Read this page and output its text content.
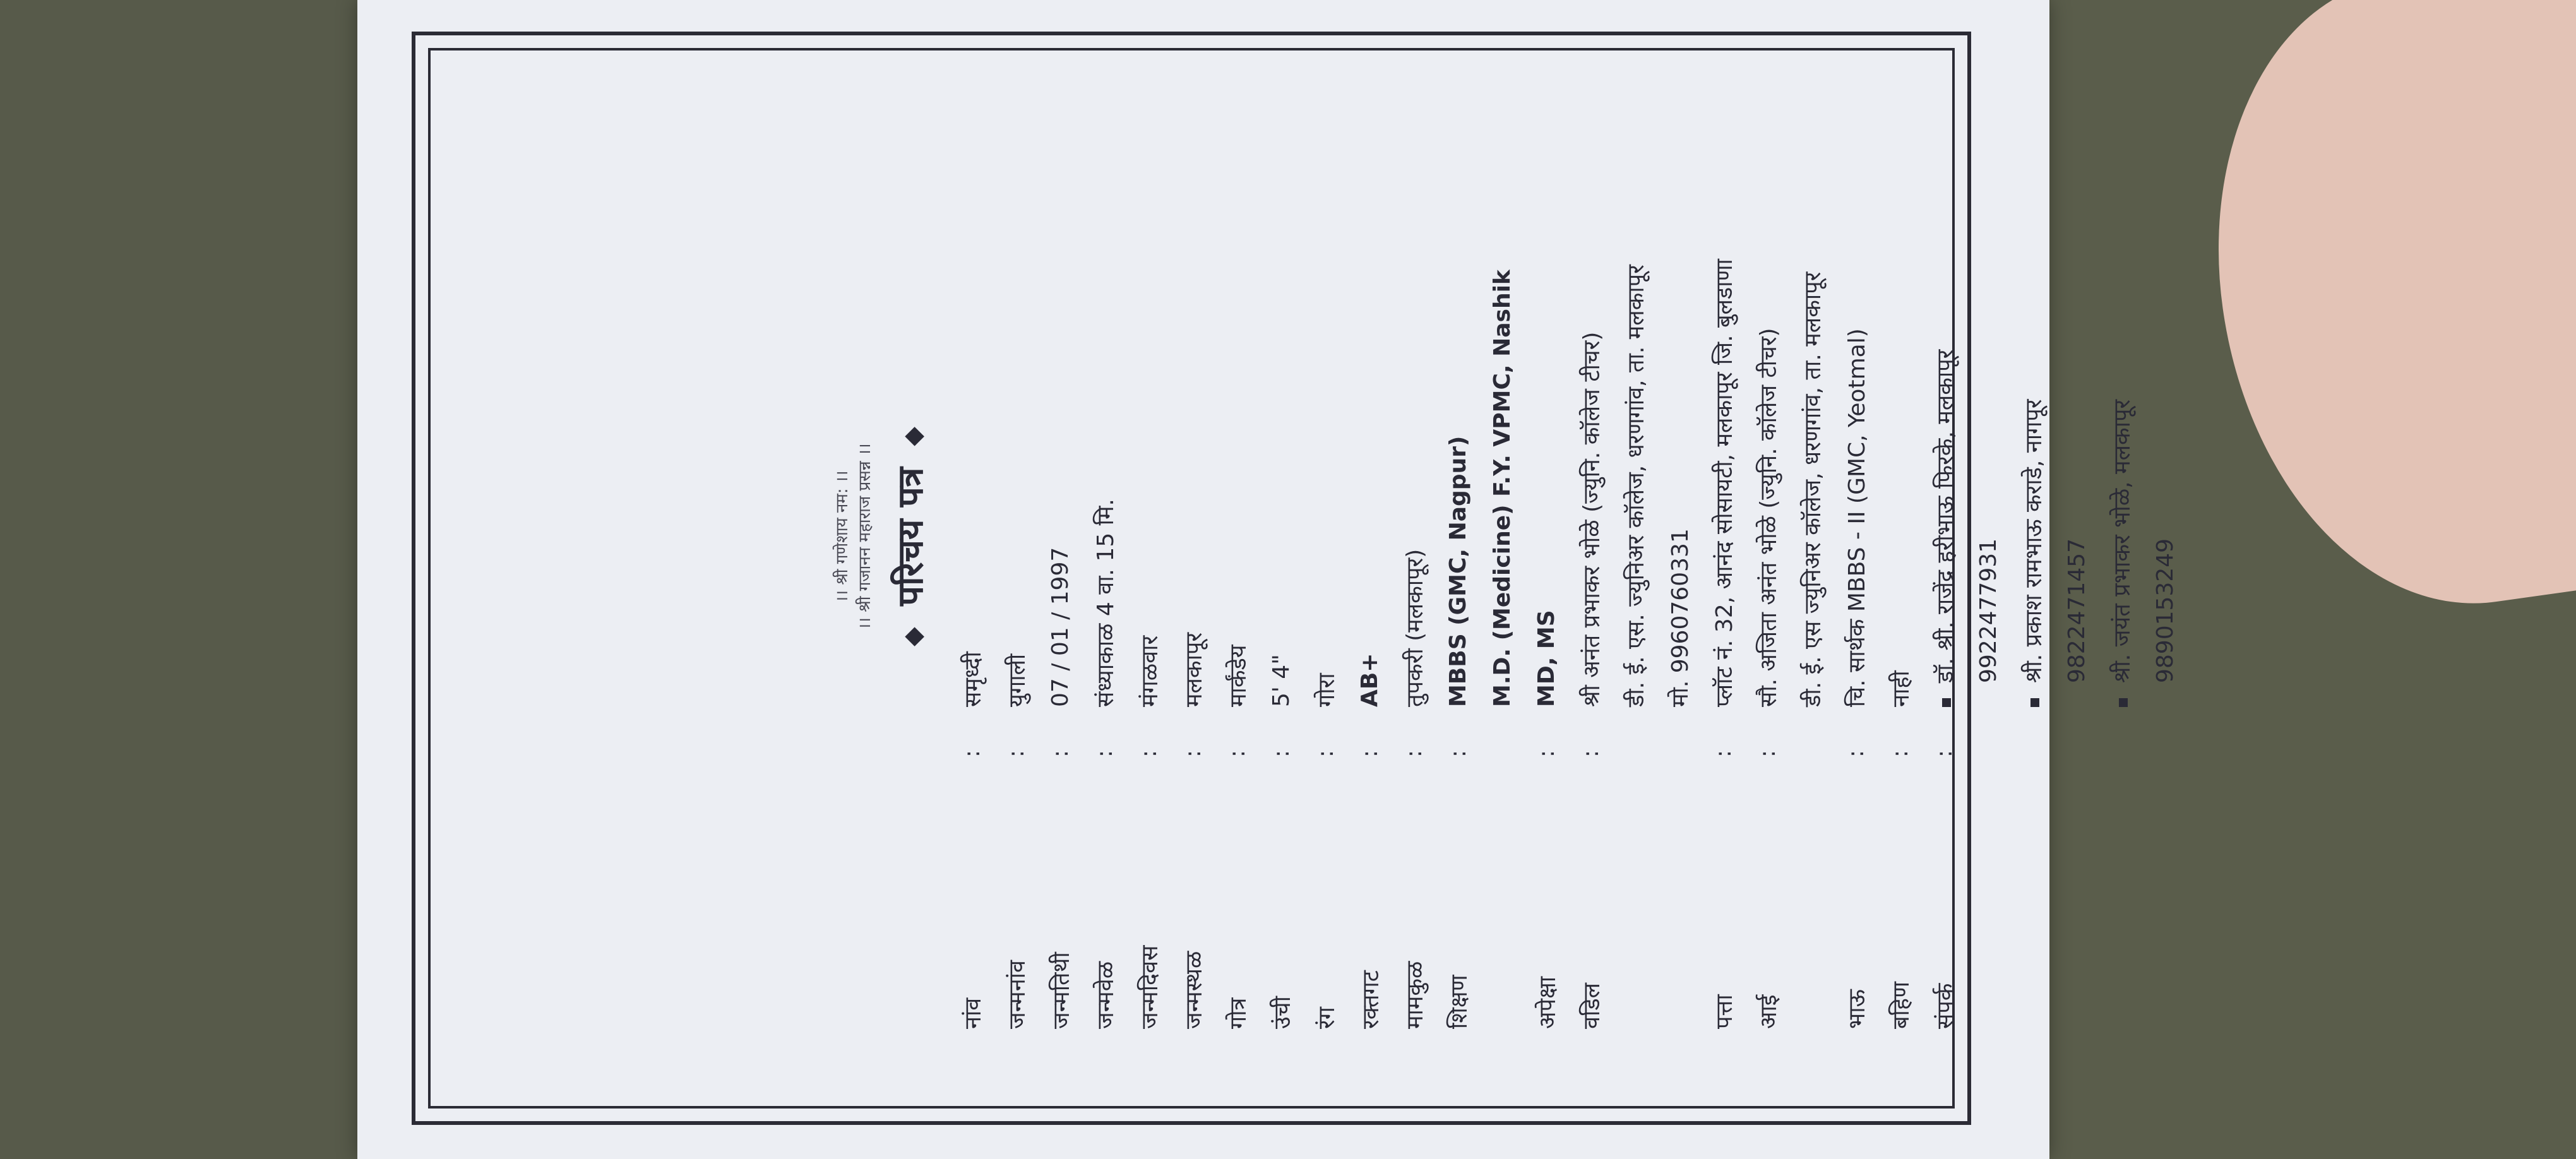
।। श्री गणेशाय नम: ।। ।। श्री गजानन महाराज प्रसन्न ।।

◆ परिचय पत्र ◆
नांव
:
समृध्दी
जन्मनांव
:
युगाली
जन्मतिथी
:
07 / 01 / 1997
जन्मवेळ
:
संध्याकाळ 4 वा. 15 मि.
जन्मदिवस
:
मंगळवार
जन्मस्थळ
:
मलकापूर
गोत्र
:
मार्कंडेय
उंची
:
5' 4"
रंग
:
गोरा
रक्तगट
:
AB+
मामकुळ
:
तुपकरी (मलकापूर)
शिक्षण
:
MBBS (GMC, Nagpur) M.D. (Medicine) F.Y. VPMC, Nashik
अपेक्षा
:
MD, MS
वडिल
:
श्री अनंत प्रभाकर भोळे (ज्युनि. कॉलेज टीचर) डी. ई. एस. ज्युनिअर कॉलेज, धरणगांव, ता. मलकापूर मो. 9960760331
पत्ता
:
प्लॉट नं. 32, आनंद सोसायटी, मलकापूर जि. बुलडाणा
आई
:
सौ. अजिता अनंत भोळे (ज्युनि. कॉलेज टीचर) डी. ई. एस ज्युनिअर कॉलेज, धरणगांव, ता. मलकापूर
भाऊ
:
चि. सार्थक MBBS - II (GMC, Yeotmal)
बहिण
:
नाही
संपर्क
:
डॉ. श्री. राजेंद्र हरीभाऊ फिरके, मलकापूर 9922477931 श्री. प्रकाश रामभाऊ कराडे, नागपूर 9822471457 श्री. जयंत प्रभाकर भोळे, मलकापूर 9890153249
